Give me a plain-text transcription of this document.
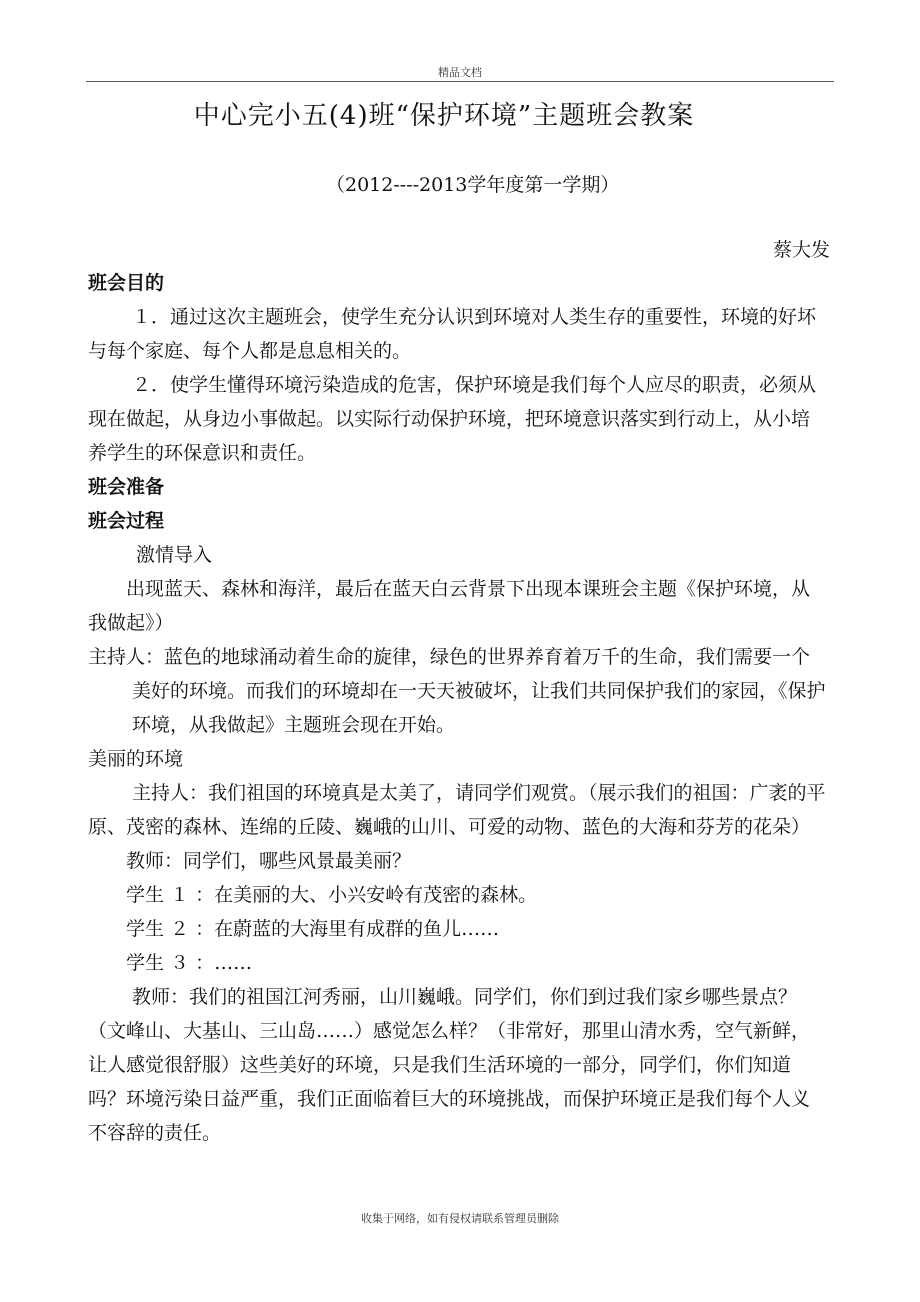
精品文档
中心完小五(4)班“保护环境”主题班会教案
（2012----2013学年度第一学期）
蔡大发

班会目的

１．通过这次主题班会，使学生充分认识到环境对人类生存的重要性，环境的好坏与每个家庭、每个人都是息息相关的。

２．使学生懂得环境污染造成的危害，保护环境是我们每个人应尽的职责，必须从现在做起，从身边小事做起。以实际行动保护环境，把环境意识落实到行动上，从小培养学生的环保意识和责任。

班会准备

班会过程

激情导入

出现蓝天、森林和海洋，最后在蓝天白云背景下出现本课班会主题《保护环境，从我做起》）

主持人：蓝色的地球涌动着生命的旋律，绿色的世界养育着万千的生命，我们需要一个美好的环境。而我们的环境却在一天天被破坏，让我们共同保护我们的家园，《保护环境，从我做起》主题班会现在开始。

美丽的环境

主持人：我们祖国的环境真是太美了，请同学们观赏。（展示我们的祖国：广袤的平原、茂密的森林、连绵的丘陵、巍峨的山川、可爱的动物、蓝色的大海和芬芳的花朵）

教师：同学们，哪些风景最美丽？

学生 １ ：在美丽的大、小兴安岭有茂密的森林。

学生 ２ ：在蔚蓝的大海里有成群的鱼儿……

学生 ３ ：……

教师：我们的祖国江河秀丽，山川巍峨。同学们，你们到过我们家乡哪些景点？（文峰山、大基山、三山岛……）感觉怎么样？（非常好，那里山清水秀，空气新鲜，让人感觉很舒服）这些美好的环境，只是我们生活环境的一部分，同学们，你们知道吗？环境污染日益严重，我们正面临着巨大的环境挑战，而保护环境正是我们每个人义不容辞的责任。

收集于网络，如有侵权请联系管理员删除
